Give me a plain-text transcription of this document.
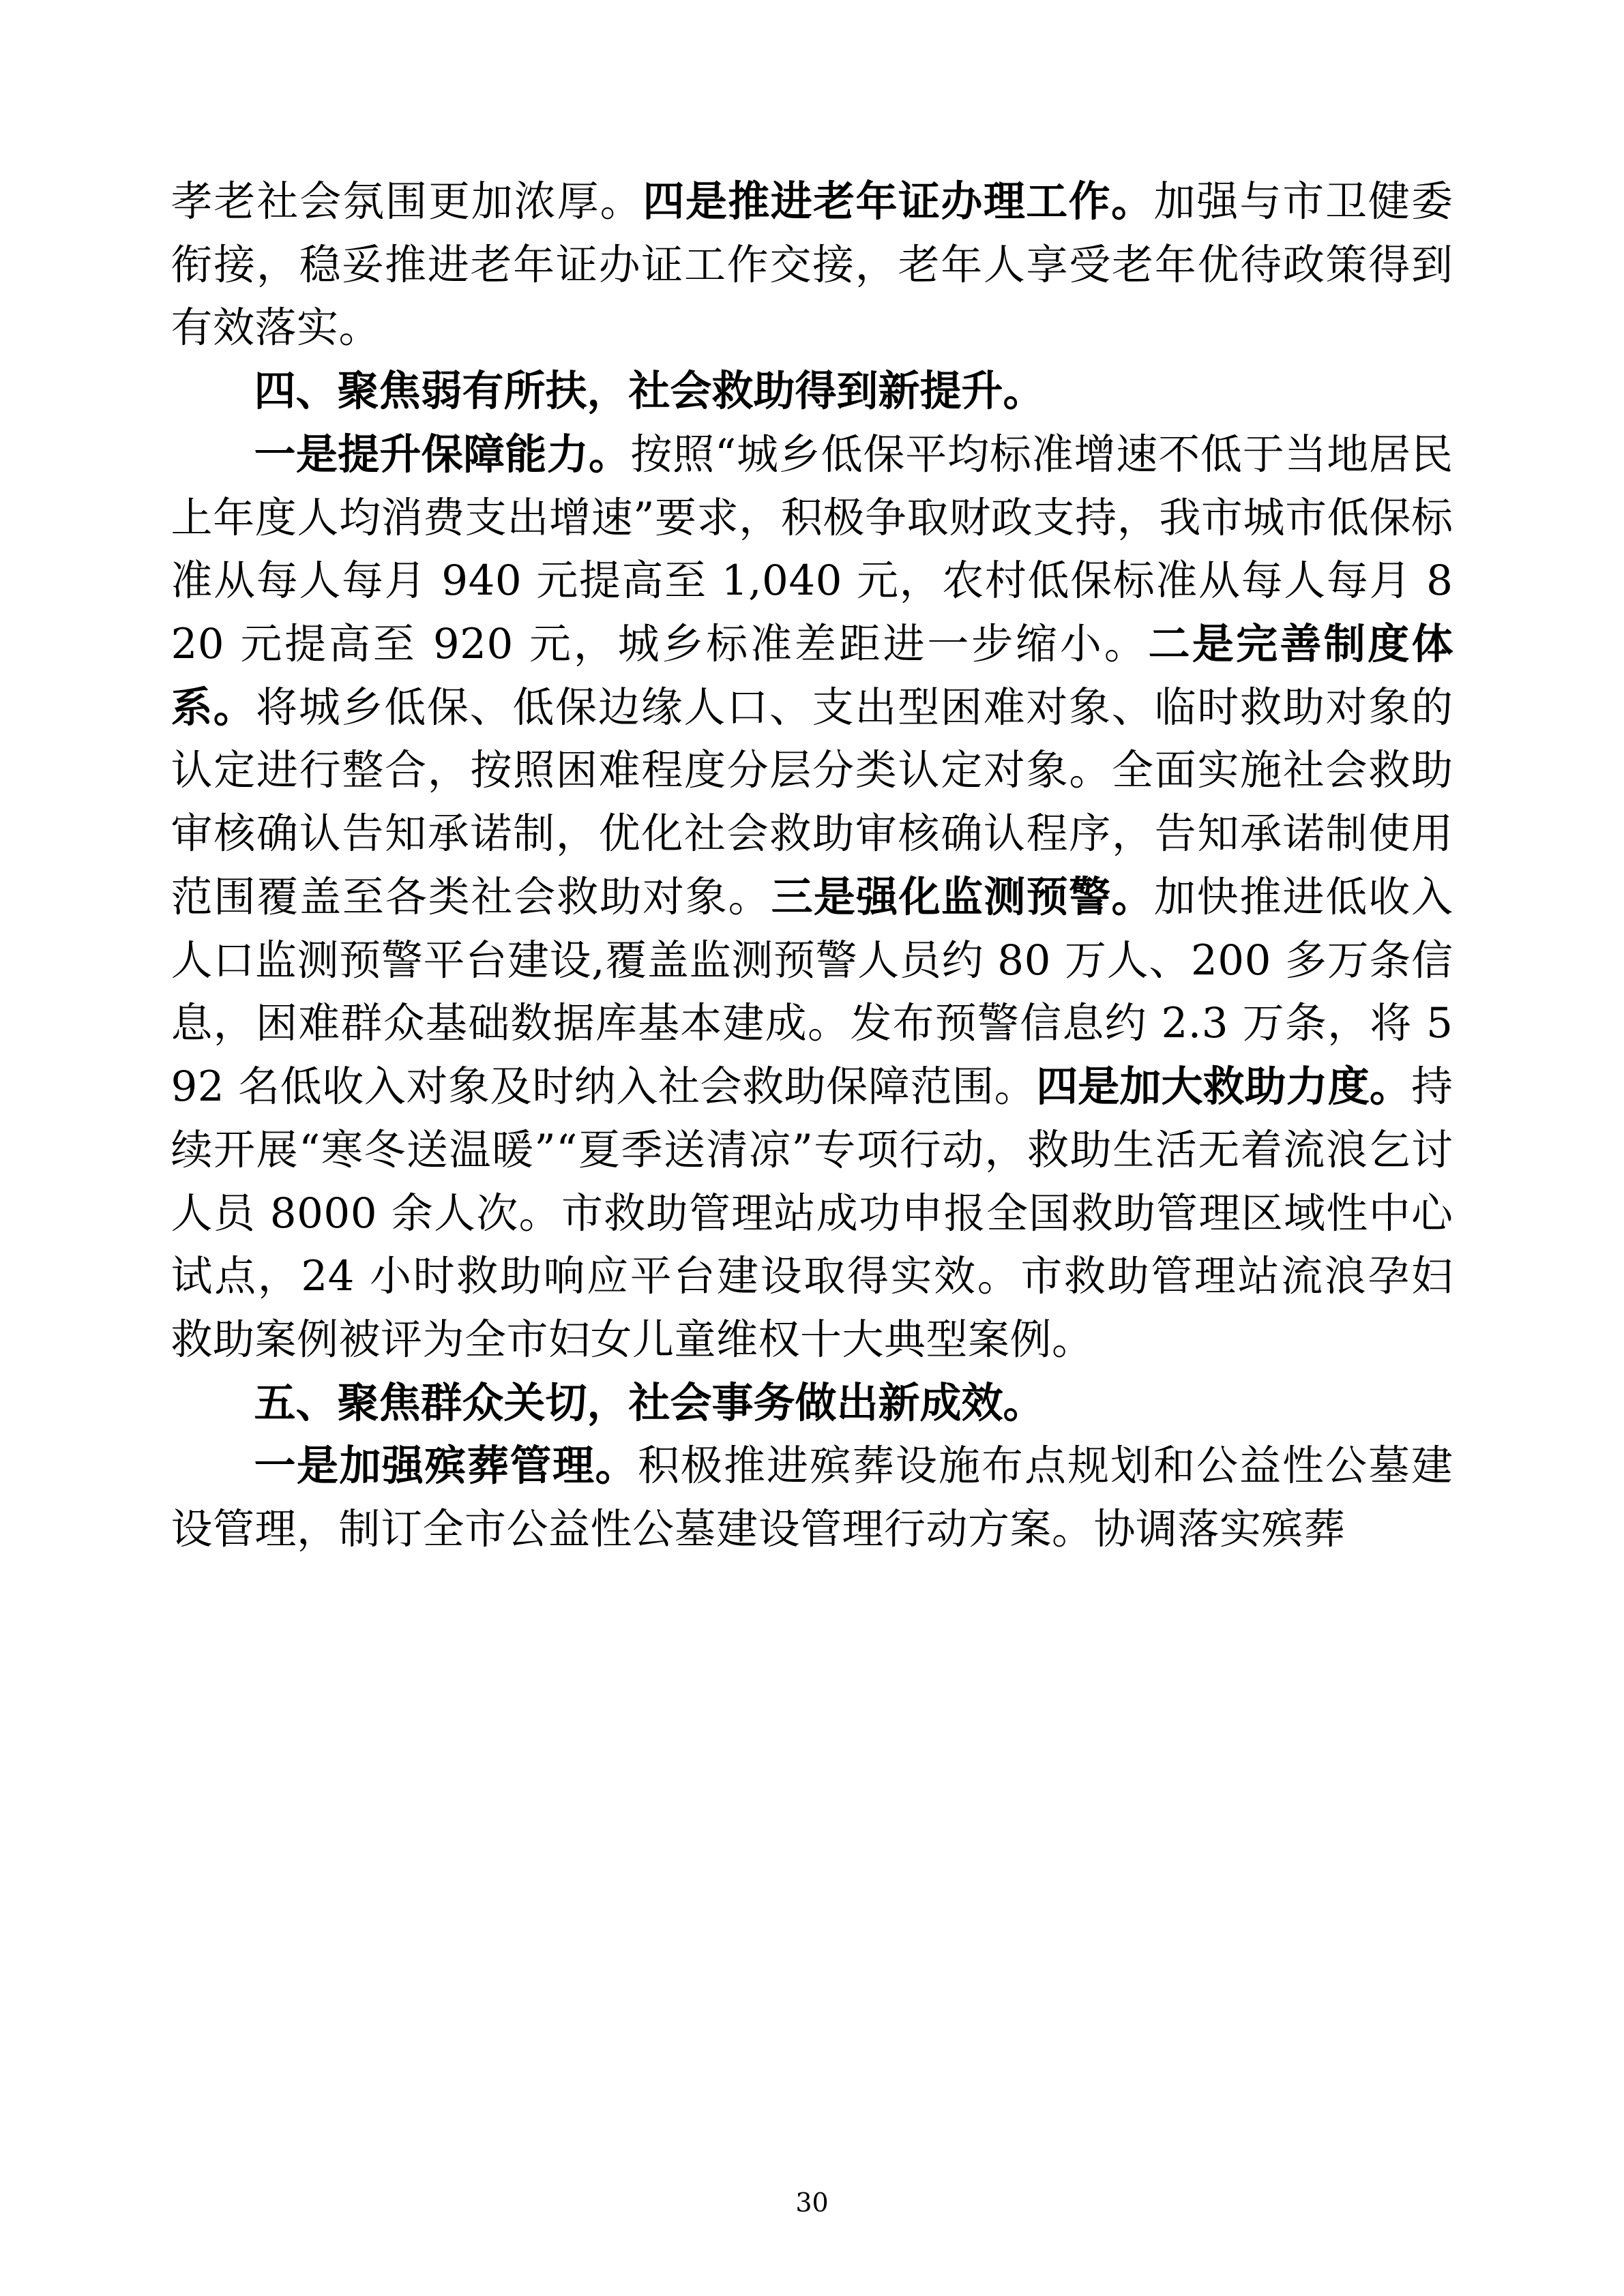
孝老社会氛围更加浓厚。四是推进老年证办理工作。加强与市卫健委衔接，稳妥推进老年证办证工作交接，老年人享受老年优待政策得到有效落实。

四、聚焦弱有所扶，社会救助得到新提升。

一是提升保障能力。按照“城乡低保平均标准增速不低于当地居民上年度人均消费支出增速”要求，积极争取财政支持，我市城市低保标准从每人每月 940 元提高至 1,040 元，农村低保标准从每人每月 820 元提高至 920 元，城乡标准差距进一步缩小。二是完善制度体系。将城乡低保、低保边缘人口、支出型困难对象、临时救助对象的认定进行整合，按照困难程度分层分类认定对象。全面实施社会救助审核确认告知承诺制，优化社会救助审核确认程序，告知承诺制使用范围覆盖至各类社会救助对象。三是强化监测预警。加快推进低收入人口监测预警平台建设,覆盖监测预警人员约 80 万人、200 多万条信息，困难群众基础数据库基本建成。发布预警信息约 2.3 万条，将 592 名低收入对象及时纳入社会救助保障范围。四是加大救助力度。持续开展“寒冬送温暖”“夏季送清凉”专项行动，救助生活无着流浪乞讨人员 8000 余人次。市救助管理站成功申报全国救助管理区域性中心试点，24 小时救助响应平台建设取得实效。市救助管理站流浪孕妇救助案例被评为全市妇女儿童维权十大典型案例。

五、聚焦群众关切，社会事务做出新成效。

一是加强殡葬管理。积极推进殡葬设施布点规划和公益性公墓建设管理，制订全市公益性公墓建设管理行动方案。协调落实殡葬

30
